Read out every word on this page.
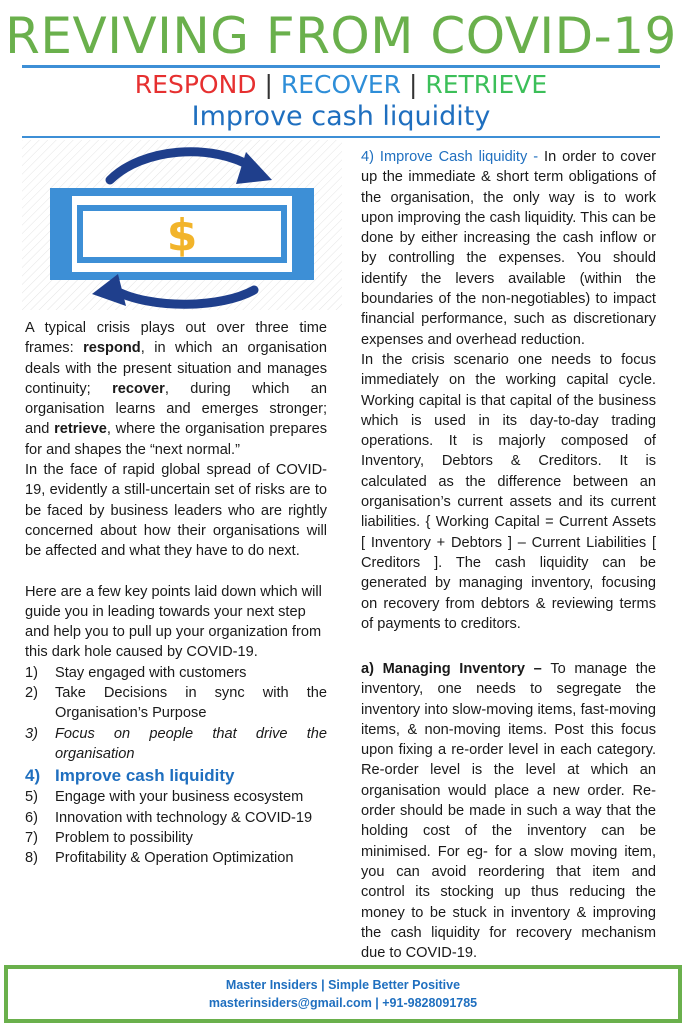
REVIVING FROM COVID-19
RESPOND | RECOVER | RETRIEVE
Improve cash liquidity
$

A typical crisis plays out over three time frames: respond, in which an organisation deals with the present situation and manages continuity; recover, during which an organisation learns and emerges stronger; and retrieve, where the organisation prepares for and shapes the “next normal.”

In the face of rapid global spread of COVID-19, evidently a still-uncertain set of risks are to be faced by business leaders who are rightly concerned about how their organisations will be affected and what they have to do next.

Here are a few key points laid down which will guide you in leading towards your next step and help you to pull up your organization from this dark hole caused by COVID-19.

1)	Stay engaged with customers
2)	Take Decisions in sync with the Organisation’s Purpose
3)	Focus on people that drive the organisation
4) Improve cash liquidity
5)	Engage with your business ecosystem
6)	Innovation with technology & COVID-19
7)	Problem to possibility
8)	Profitability & Operation Optimization

4) Improve Cash liquidity - In order to cover up the immediate & short term obligations of the organisation, the only way is to work upon improving the cash liquidity. This can be done by either increasing the cash inflow or by controlling the expenses. You should identify the levers available (within the boundaries of the non-negotiables) to impact financial performance, such as discretionary expenses and overhead reduction.

In the crisis scenario one needs to focus immediately on the working capital cycle. Working capital is that capital of the business which is used in its day-to-day trading operations. It is majorly composed of Inventory, Debtors & Creditors. It is calculated as the difference between an organisation’s current assets and its current liabilities. { Working Capital = Current Assets [ Inventory + Debtors ] – Current Liabilities [ Creditors ]. The cash liquidity can be generated by managing inventory, focusing on recovery from debtors & reviewing terms of payments to creditors.

a) Managing Inventory – To manage the inventory, one needs to segregate the inventory into slow-moving items, fast-moving items, & non-moving items. Post this focus upon fixing a re-order level in each category. Re-order level is the level at which an organisation would place a new order. Re-order should be made in such a way that the holding cost of the inventory can be minimised. For eg- for a slow moving item, you can avoid reordering that item and control its stocking up thus reducing the money to be stuck in inventory & improving the cash liquidity for recovery mechanism due to COVID-19.

Master Insiders | Simple Better Positive
masterinsiders@gmail.com | +91-9828091785
